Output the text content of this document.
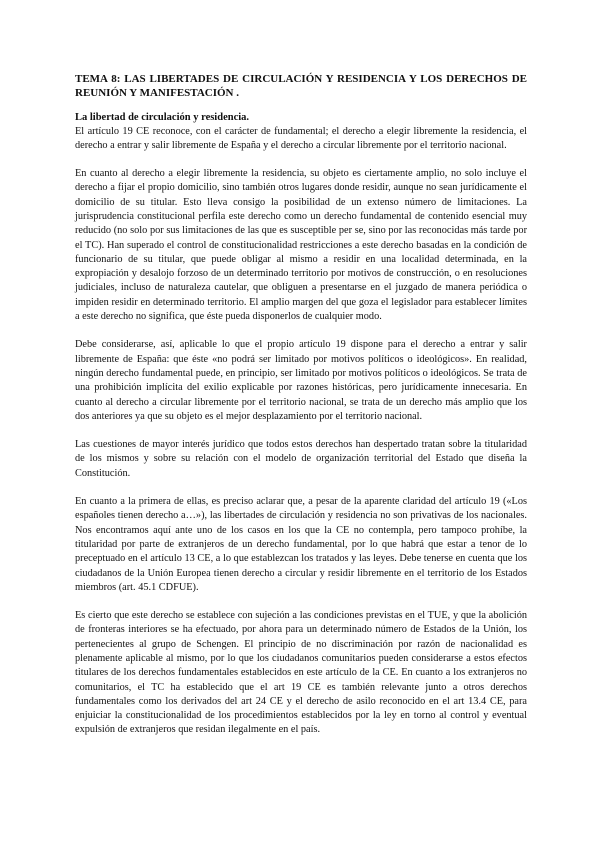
TEMA 8: LAS LIBERTADES DE CIRCULACIÓN Y RESIDENCIA Y LOS DERECHOS DE REUNIÓN Y MANIFESTACIÓN .

La libertad de circulación y residencia.

El artículo 19 CE reconoce, con el carácter de fundamental; el derecho a elegir libremente la residencia, el derecho a entrar y salir libremente de España y el derecho a circular libremente por el territorio nacional.

En cuanto al derecho a elegir libremente la residencia, su objeto es ciertamente amplio, no solo incluye el derecho a fijar el propio domicilio, sino también otros lugares donde residir, aunque no sean jurídicamente el domicilio de su titular. Esto lleva consigo la posibilidad de un extenso número de limitaciones. La jurisprudencia constitucional perfila este derecho como un derecho fundamental de contenido esencial muy reducido (no solo por sus limitaciones de las que es susceptible per se, sino por las reconocidas más tarde por el TC). Han superado el control de constitucionalidad restricciones a este derecho basadas en la condición de funcionario de su titular, que puede obligar al mismo a residir en una localidad determinada, en la expropiación y desalojo forzoso de un determinado territorio por motivos de construcción, o en resoluciones judiciales, incluso de naturaleza cautelar, que obliguen a presentarse en el juzgado de manera periódica o impiden residir en determinado territorio. El amplio margen del que goza el legislador para establecer límites a este derecho no significa, que éste pueda disponerlos de cualquier modo.

Debe considerarse, así, aplicable lo que el propio artículo 19 dispone para el derecho a entrar y salir libremente de España: que éste «no podrá ser limitado por motivos políticos o ideológicos». En realidad, ningún derecho fundamental puede, en principio, ser limitado por motivos políticos o ideológicos. Se trata de una prohibición implícita del exilio explicable por razones históricas, pero jurídicamente innecesaria. En cuanto al derecho a circular libremente por el territorio nacional, se trata de un derecho más amplio que los dos anteriores ya que su objeto es el mejor desplazamiento por el territorio nacional.

Las cuestiones de mayor interés jurídico que todos estos derechos han despertado tratan sobre la titularidad de los mismos y sobre su relación con el modelo de organización territorial del Estado que diseña la Constitución.

En cuanto a la primera de ellas, es preciso aclarar que, a pesar de la aparente claridad del artículo 19 («Los españoles tienen derecho a…»), las libertades de circulación y residencia no son privativas de los nacionales. Nos encontramos aquí ante uno de los casos en los que la CE no contempla, pero tampoco prohíbe, la titularidad por parte de extranjeros de un derecho fundamental, por lo que habrá que estar a tenor de lo preceptuado en el artículo 13 CE, a lo que establezcan los tratados y las leyes. Debe tenerse en cuenta que los ciudadanos de la Unión Europea tienen derecho a circular y residir libremente en el territorio de los Estados miembros (art. 45.1 CDFUE).

Es cierto que este derecho se establece con sujeción a las condiciones previstas en el TUE, y que la abolición de fronteras interiores se ha efectuado, por ahora para un determinado número de Estados de la Unión, los pertenecientes al grupo de Schengen. El principio de no discriminación por razón de nacionalidad es plenamente aplicable al mismo, por lo que los ciudadanos comunitarios pueden considerarse a estos efectos titulares de los derechos fundamentales establecidos en este artículo de la CE. En cuanto a los extranjeros no comunitarios, el TC ha establecido que el art 19 CE es también relevante junto a otros derechos fundamentales como los derivados del art 24 CE y el derecho de asilo reconocido en el art 13.4 CE, para enjuiciar la constitucionalidad de los procedimientos establecidos por la ley en torno al control y eventual expulsión de extranjeros que residan ilegalmente en el país.
